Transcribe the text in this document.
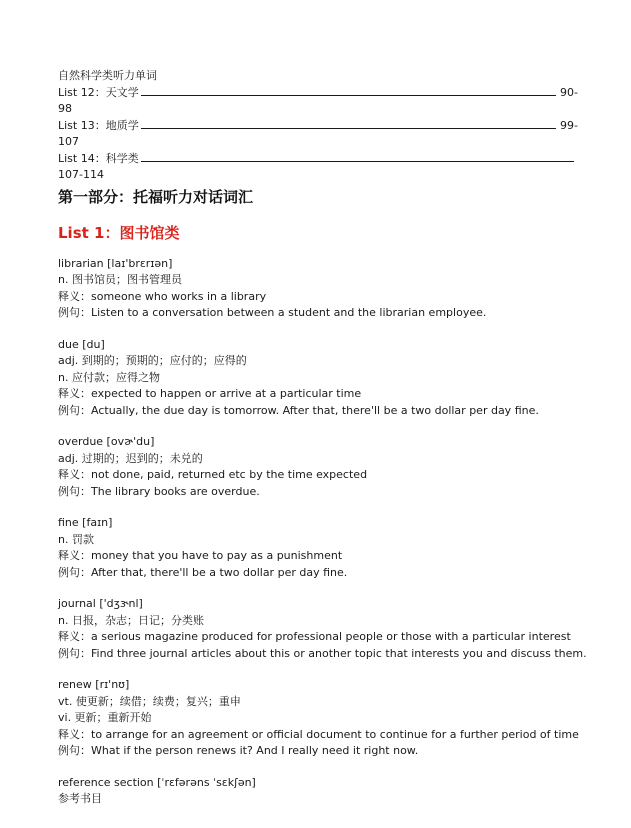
自然科学类听力单词
List 12：天文学	90-
98
List 13：地质学	99-
107
List 14：科学类
107-114
第一部分：托福听力对话词汇
List 1：图书馆类
librarian [laɪ'brɛrɪən]
n. 图书馆员；图书管理员
释义：someone who works in a library
例句：Listen to a conversation between a student and the librarian employee.
due [du]
adj. 到期的；预期的；应付的；应得的
n. 应付款；应得之物
释义：expected to happen or arrive at a particular time
例句：Actually, the due day is tomorrow. After that, there'll be a two dollar per day fine.
overdue [ovɚ'du]
adj. 过期的；迟到的；未兑的
释义：not done, paid, returned etc by the time expected
例句：The library books are overdue.
fine [faɪn]
n. 罚款
释义：money that you have to pay as a punishment
例句：After that, there'll be a two dollar per day fine.
journal ['dʒɝnl]
n. 日报，杂志；日记；分类账
释义：a serious magazine produced for professional people or those with a particular interest
例句：Find three journal articles about this or another topic that interests you and discuss them.
renew [rɪ'nʊ]
vt. 使更新；续借；续费；复兴；重申
vi. 更新；重新开始
释义：to arrange for an agreement or official document to continue for a further period of time
例句：What if the person renews it? And I really need it right now.
reference section [ˈrɛfərəns ˈsɛkʃən]
参考书目
